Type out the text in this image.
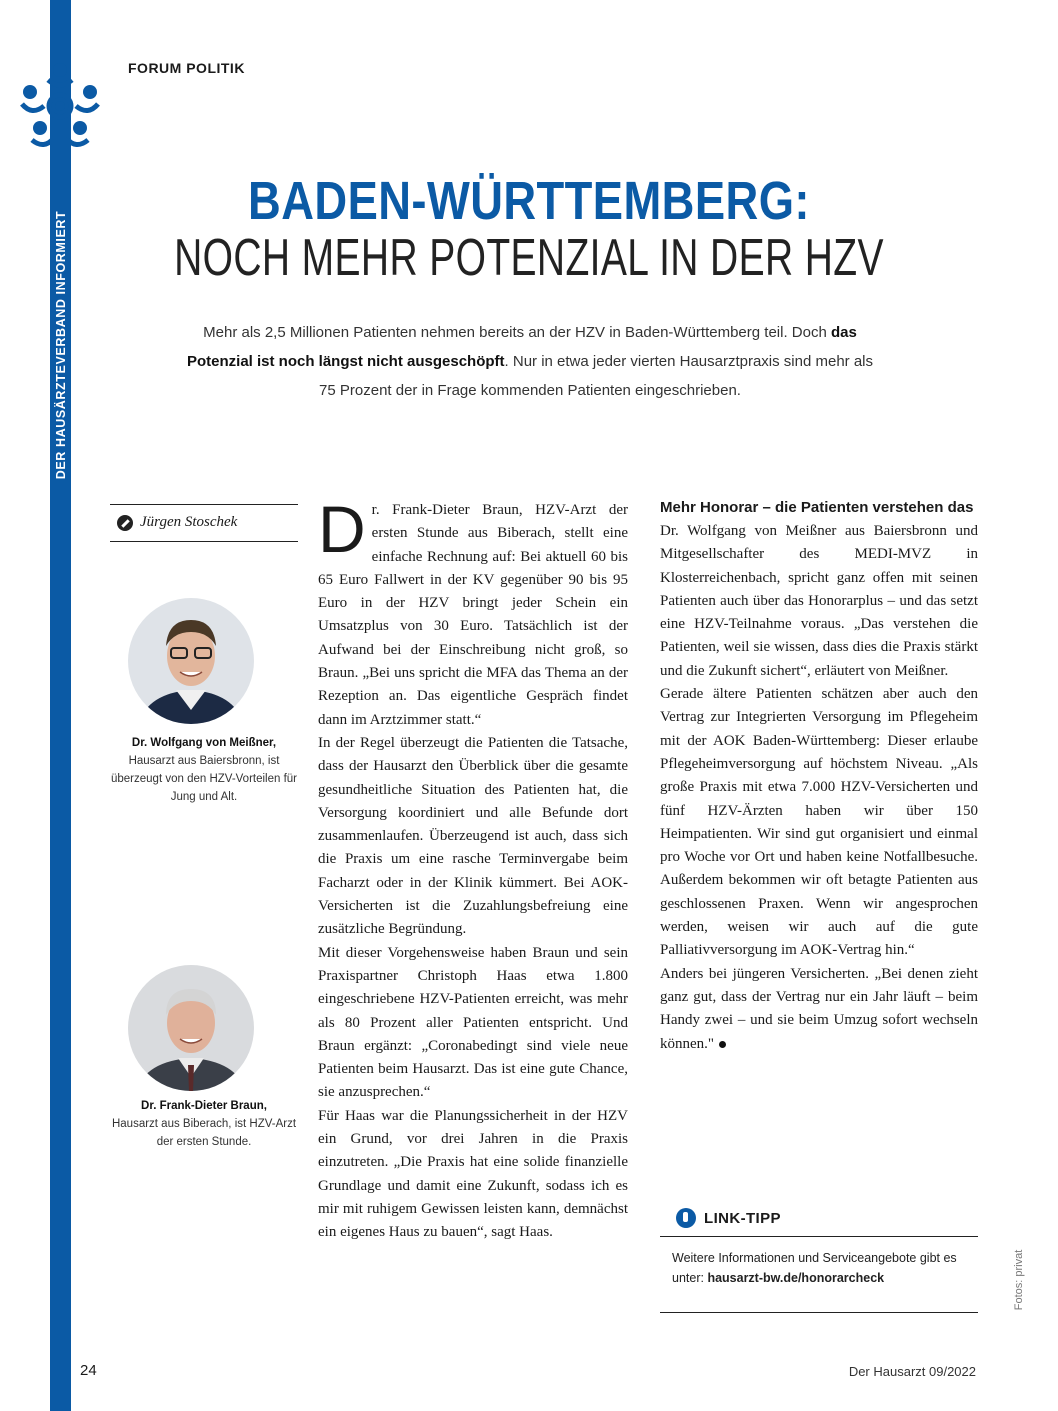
DER HAUSÄRZTEVERBAND INFORMIERT
FORUM POLITIK
BADEN-WÜRTTEMBERG:
NOCH MEHR POTENZIAL IN DER HZV
Mehr als 2,5 Millionen Patienten nehmen bereits an der HZV in Baden-Württemberg teil. Doch das Potenzial ist noch längst nicht ausgeschöpft. Nur in etwa jeder vierten Hausarztpraxis sind mehr als 75 Prozent der in Frage kommenden Patienten eingeschrieben.
Jürgen Stoschek
Dr. Wolfgang von Meißner,
Hausarzt aus Baiersbronn, ist überzeugt von den HZV-Vorteilen für Jung und Alt.
Dr. Frank-Dieter Braun,
Hausarzt aus Biberach, ist HZV-Arzt der ersten Stunde.

Dr. Frank-Dieter Braun, HZV-Arzt der ersten Stunde aus Biberach, stellt eine einfache Rechnung auf: Bei aktuell 60 bis 65 Euro Fallwert in der KV gegenüber 90 bis 95 Euro in der HZV bringt jeder Schein ein Umsatzplus von 30 Euro. Tatsächlich ist der Aufwand bei der Einschreibung nicht groß, so Braun. „Bei uns spricht die MFA das Thema an der Rezeption an. Das eigentliche Gespräch findet dann im Arztzimmer statt.“

In der Regel überzeugt die Patienten die Tatsache, dass der Hausarzt den Überblick über die gesamte gesundheitliche Situation des Patienten hat, die Versorgung koordiniert und alle Befunde dort zusammenlaufen. Überzeugend ist auch, dass sich die Praxis um eine rasche Terminvergabe beim Facharzt oder in der Klinik kümmert. Bei AOK-Versicherten ist die Zuzahlungsbefreiung eine zusätzliche Begründung.

Mit dieser Vorgehensweise haben Braun und sein Praxispartner Christoph Haas etwa 1.800 eingeschriebene HZV-Patienten erreicht, was mehr als 80 Prozent aller Patienten entspricht. Und Braun ergänzt: „Coronabedingt sind viele neue Patienten beim Hausarzt. Das ist eine gute Chance, sie anzusprechen.“

Für Haas war die Planungssicherheit in der HZV ein Grund, vor drei Jahren in die Praxis einzutreten. „Die Praxis hat eine solide finanzielle Grundlage und damit eine Zukunft, sodass ich es mir mit ruhigem Gewissen leisten kann, demnächst ein eigenes Haus zu bauen“, sagt Haas.

Mehr Honorar – die Patienten verstehen das

Dr. Wolfgang von Meißner aus Baiersbronn und Mitgesellschafter des MEDI-MVZ in Klosterreichenbach, spricht ganz offen mit seinen Patienten auch über das Honorarplus – und das setzt eine HZV-Teilnahme voraus. „Das verstehen die Patienten, weil sie wissen, dass dies die Praxis stärkt und die Zukunft sichert“, erläutert von Meißner.

Gerade ältere Patienten schätzen aber auch den Vertrag zur Integrierten Versorgung im Pflegeheim mit der AOK Baden-Württemberg: Dieser erlaube Pflegeheimversorgung auf höchstem Niveau. „Als große Praxis mit etwa 7.000 HZV-Versicherten und fünf HZV-Ärzten haben wir über 150 Heimpatienten. Wir sind gut organisiert und einmal pro Woche vor Ort und haben keine Notfallbesuche. Außerdem bekommen wir oft betagte Patienten aus geschlossenen Praxen. Wenn wir angesprochen werden, weisen wir auch auf die gute Palliativversorgung im AOK-Vertrag hin.“

Anders bei jüngeren Versicherten. „Bei denen zieht ganz gut, dass der Vertrag nur ein Jahr läuft – beim Handy zwei – und sie beim Umzug sofort wechseln können."

LINK-TIPP
Weitere Informationen und Serviceangebote gibt es unter: hausarzt-bw.de/honorarcheck	Fotos: privat
24	Der Hausarzt 09/2022
